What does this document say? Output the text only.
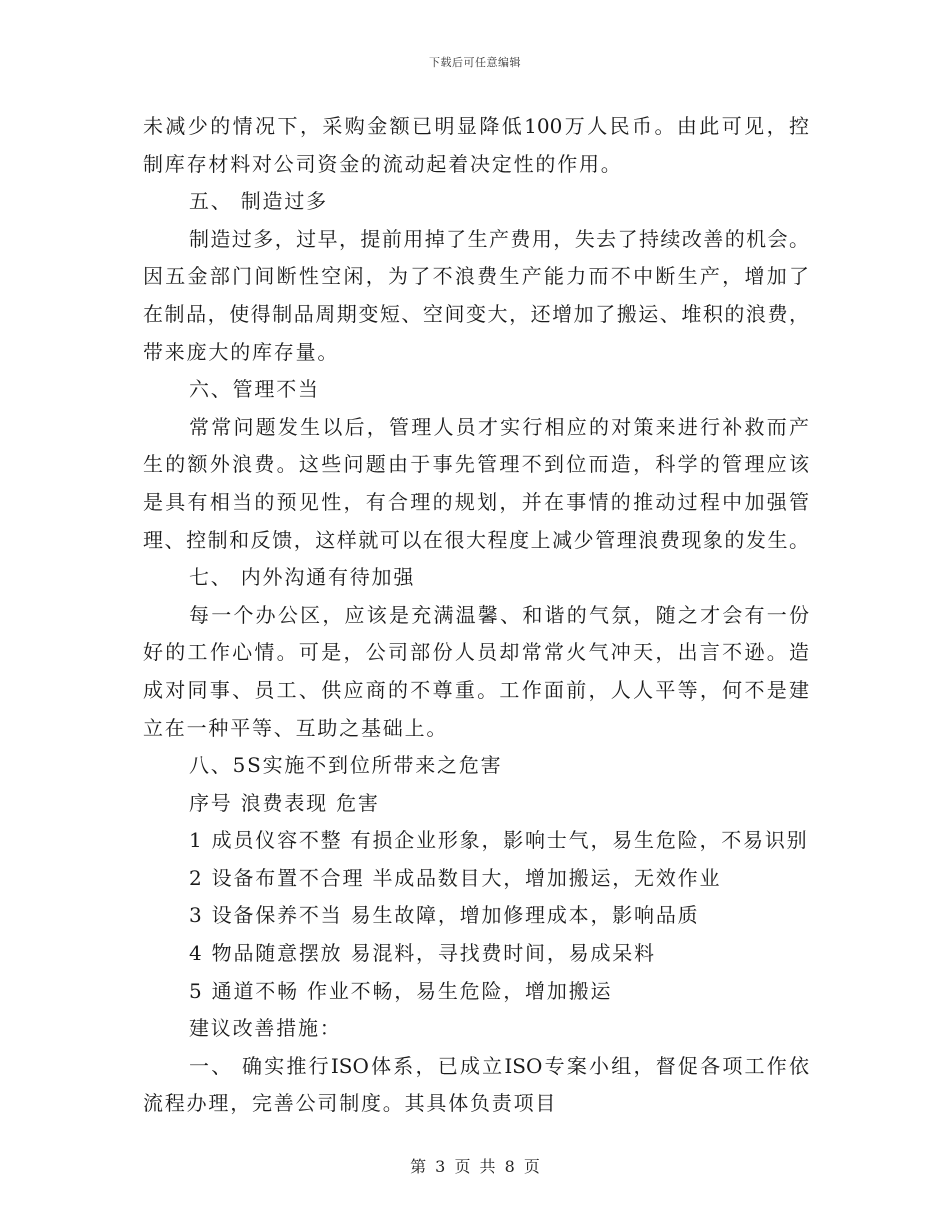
下载后可任意编辑
未减少的情况下，采购金额已明显降低100万人民币。由此可见，控
制库存材料对公司资金的流动起着决定性的作用。
五、 制造过多
制造过多，过早，提前用掉了生产费用，失去了持续改善的机会。
因五金部门间断性空闲，为了不浪费生产能力而不中断生产，增加了
在制品，使得制品周期变短、空间变大，还增加了搬运、堆积的浪费，
带来庞大的库存量。
六、管理不当
常常问题发生以后，管理人员才实行相应的对策来进行补救而产
生的额外浪费。这些问题由于事先管理不到位而造，科学的管理应该
是具有相当的预见性，有合理的规划，并在事情的推动过程中加强管
理、控制和反馈，这样就可以在很大程度上减少管理浪费现象的发生。
七、 内外沟通有待加强
每一个办公区，应该是充满温馨、和谐的气氛，随之才会有一份
好的工作心情。可是，公司部份人员却常常火气冲天，出言不逊。造
成对同事、员工、供应商的不尊重。工作面前，人人平等，何不是建
立在一种平等、互助之基础上。
八、5S实施不到位所带来之危害
序号 浪费表现 危害
1 成员仪容不整 有损企业形象，影响士气，易生危险，不易识别
2 设备布置不合理 半成品数目大，增加搬运，无效作业
3 设备保养不当 易生故障，增加修理成本，影响品质
4 物品随意摆放 易混料，寻找费时间，易成呆料
5 通道不畅 作业不畅，易生危险，增加搬运
建议改善措施：
一、 确实推行ISO体系，已成立ISO专案小组，督促各项工作依
流程办理，完善公司制度。其具体负责项目
第 3 页 共 8 页
